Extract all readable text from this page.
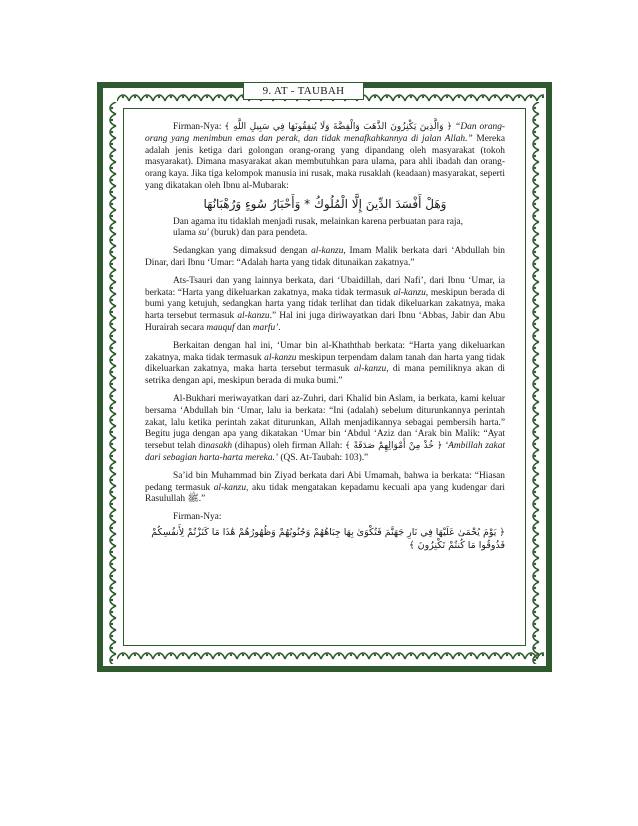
9. AT - TAUBAH

Firman-Nya: ﴿ وَالَّذِينَ يَكْنِزُونَ الذَّهَبَ وَالْفِضَّةَ وَلَا يُنفِقُونَهَا فِي سَبِيلِ اللَّهِ ﴾ “Dan orang-orang yang menimbun emas dan perak, dan tidak menafkahkannya di jalan Allah.” Mereka adalah jenis ketiga dari golongan orang-orang yang dipandang oleh masyarakat (tokoh masyarakat). Dimana masyarakat akan membutuhkan para ulama, para ahli ibadah dan orang-orang kaya. Jika tiga kelompok manusia ini rusak, maka rusaklah (keadaan) masyarakat, seperti yang dikatakan oleh Ibnu al-Mubarak:

وَهَلْ أَفْسَدَ الدِّينَ إِلَّا الْمُلُوكُ * وَأَحْبَارُ سُوءٍ وَرُهْبَانُهَا
Dan agama itu tidaklah menjadi rusak, melainkan karena perbuatan para raja,
ulama su' (buruk) dan para pendeta.

Sedangkan yang dimaksud dengan al-kanzu, Imam Malik berkata dari ‘Abdullah bin Dinar, dari Ibnu ‘Umar: “Adalah harta yang tidak ditunaikan zakatnya.”

Ats-Tsauri dan yang lainnya berkata, dari ‘Ubaidillah, dari Nafi’, dari Ibnu ‘Umar, ia berkata: “Harta yang dikeluarkan zakatnya, maka tidak termasuk al-kanzu, meskipun berada di bumi yang ketujuh, sedangkan harta yang tidak terlihat dan tidak dikeluarkan zakatnya, maka harta tersebut termasuk al-kanzu.” Hal ini juga diriwayatkan dari Ibnu ‘Abbas, Jabir dan Abu Hurairah secara mauquf dan marfu’.

Berkaitan dengan hal ini, ‘Umar bin al-Khaththab berkata: “Harta yang dikeluarkan zakatnya, maka tidak termasuk al-kanzu meskipun terpendam dalam tanah dan harta yang tidak dikeluarkan zakatnya, maka harta tersebut termasuk al-kanzu, di mana pemiliknya akan di setrika dengan api, meskipun berada di muka bumi.”

Al-Bukhari meriwayatkan dari az-Zuhri, dari Khalid bin Aslam, ia berkata, kami keluar bersama ‘Abdullah bin ‘Umar, lalu ia berkata: “Ini (adalah) sebelum diturunkannya perintah zakat, lalu ketika perintah zakat diturunkan, Allah menjadikannya sebagai pembersih harta.” Begitu juga dengan apa yang dikatakan ‘Umar bin ‘Abdul ‘Aziz dan ‘Arak bin Malik: “Ayat tersebut telah dinasakh (dihapus) oleh firman Allah: ﴿ خُذْ مِنْ أَمْوَالِهِمْ صَدَقَةً ﴾ ‘Ambillah zakat dari sebagian harta-harta mereka.’ (QS. At-Taubah: 103).”

Sa’id bin Muhammad bin Ziyad berkata dari Abi Umamah, bahwa ia berkata: “Hiasan pedang termasuk al-kanzu, aku tidak mengatakan kepadamu kecuali apa yang kudengar dari Rasulullah ﷺ.”

Firman-Nya:

﴿ يَوْمَ يُحْمَىٰ عَلَيْهَا فِي نَارِ جَهَنَّمَ فَتُكْوَىٰ بِهَا جِبَاهُهُمْ وَجُنُوبُهُمْ وَظُهُورُهُمْ هَٰذَا مَا كَنَزْتُمْ لِأَنفُسِكُمْ فَذُوقُوا مَا كُنتُمْ تَكْنِزُونَ ﴾
